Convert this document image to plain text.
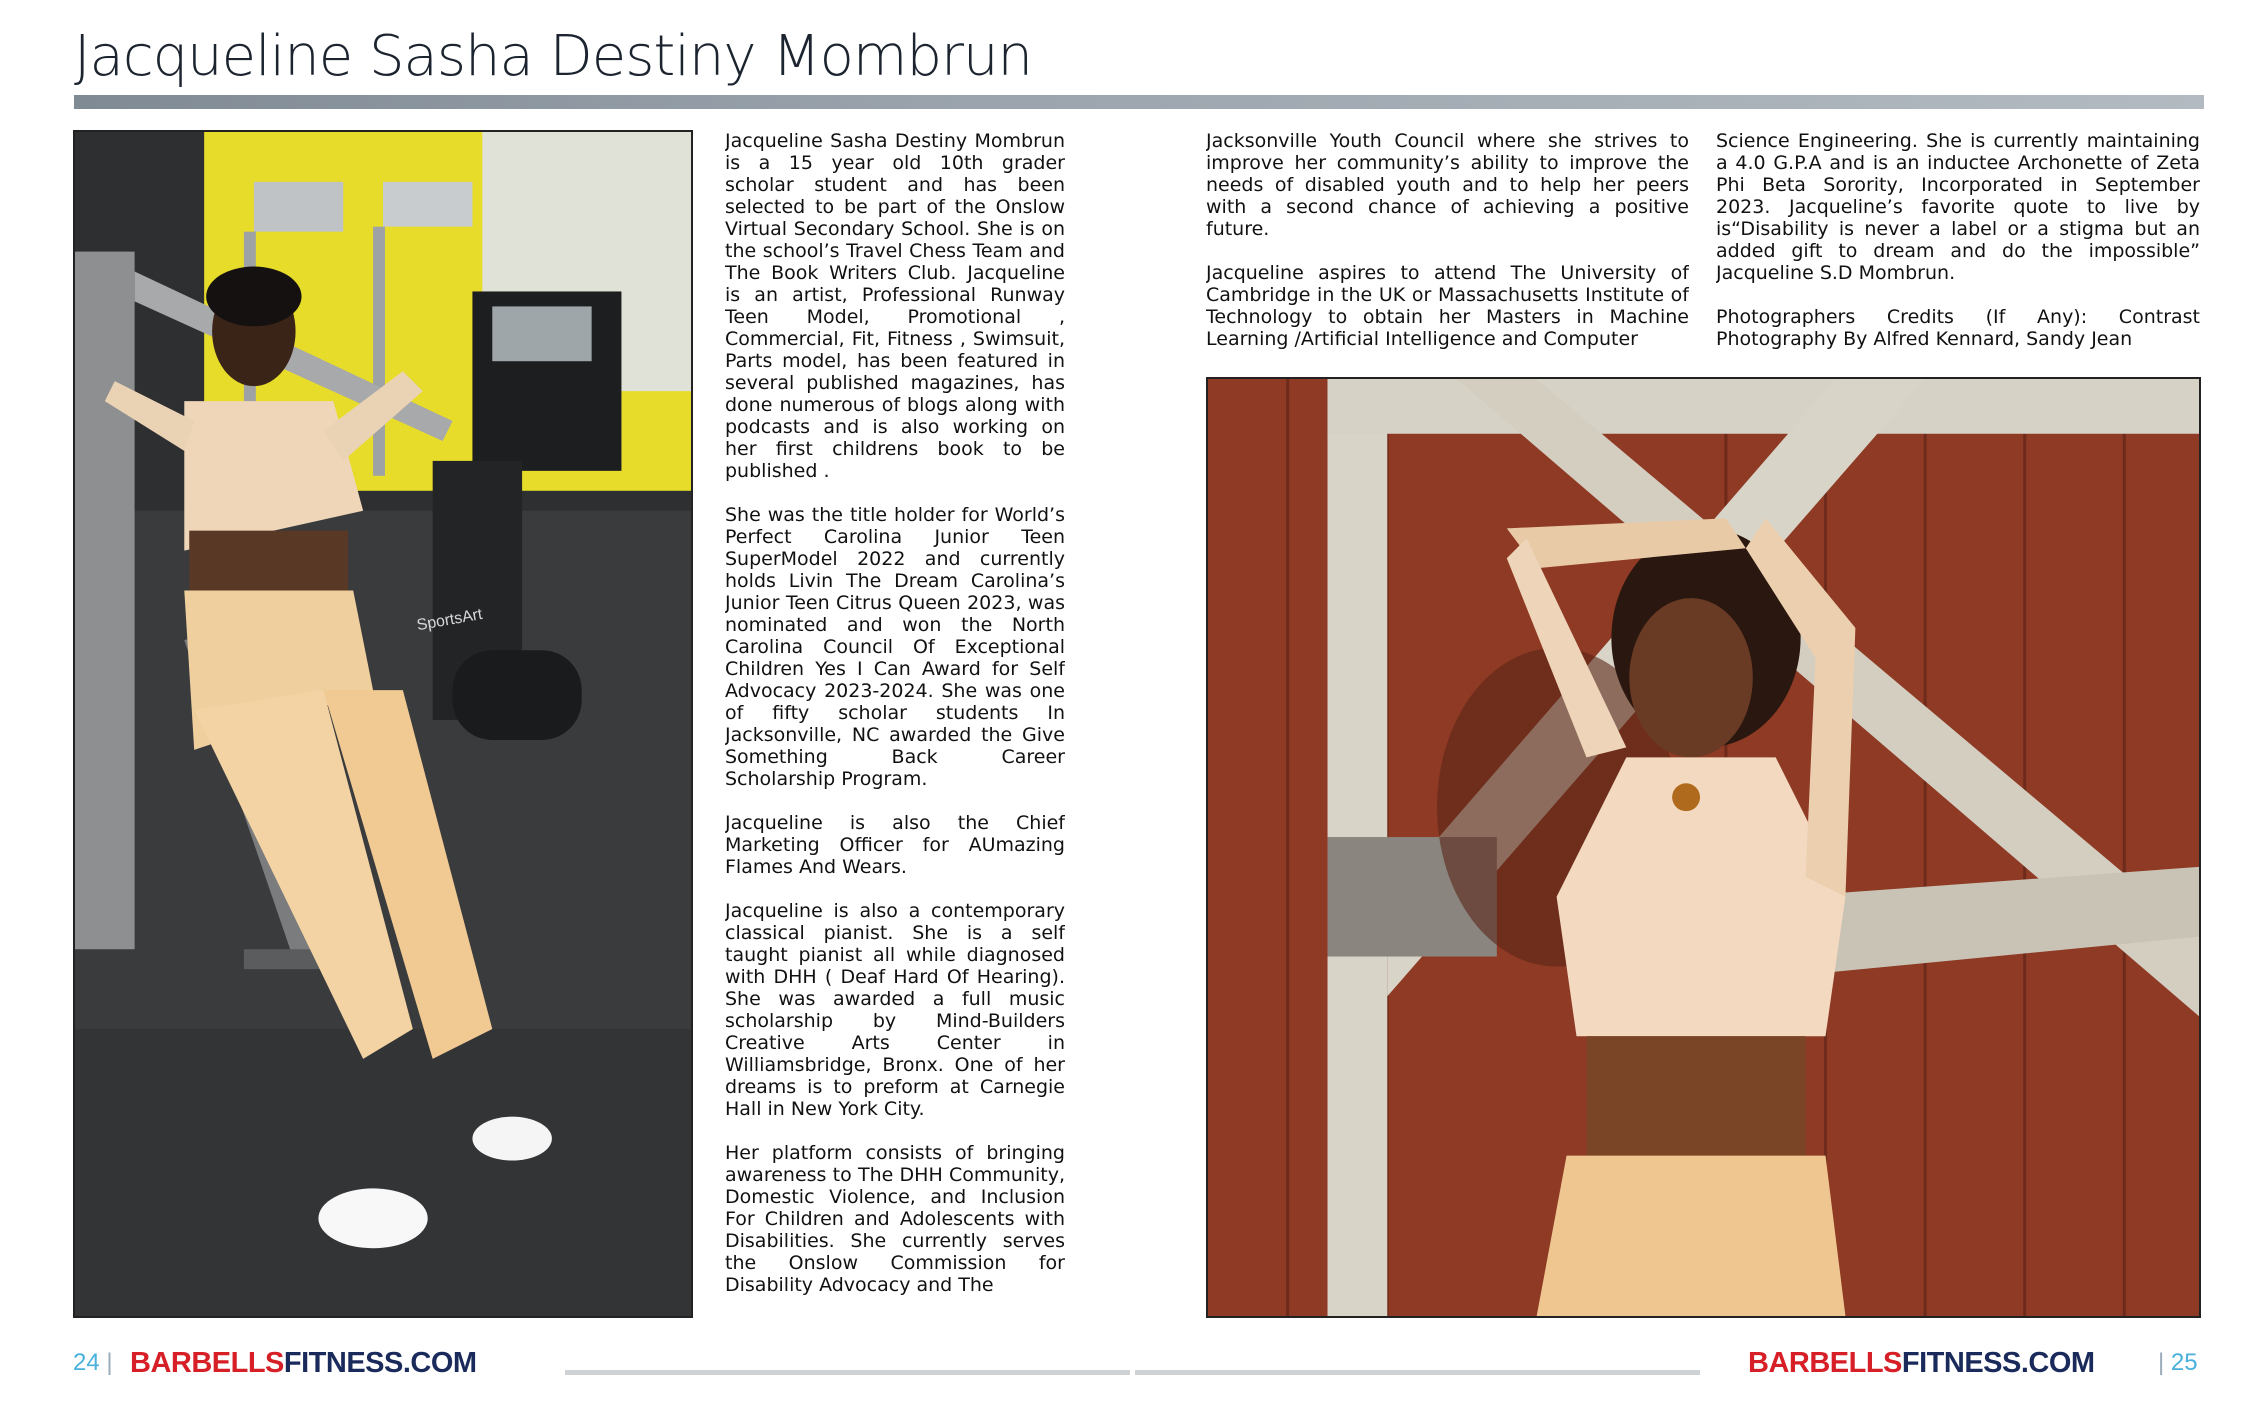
Jacqueline Sasha Destiny Mombrun
SportsArt

Jacqueline Sasha Destiny Mombrun is a 15 year old 10th grader scholar student and has been selected to be part of the Onslow Virtual Secondary School. She is on the school’s Travel Chess Team and The Book Writers Club. Jacqueline is an artist, Professional Runway Teen Model, Promotional , Commercial, Fit, Fitness , Swimsuit, Parts model, has been featured in several published magazines, has done numerous of blogs along with podcasts and is also working on her first childrens book to be published .

She was the title holder for World’s Perfect Carolina Junior Teen SuperModel 2022 and currently holds Livin The Dream Carolina’s Junior Teen Citrus Queen 2023, was nominated and won the North Carolina Council Of Exceptional Children Yes I Can Award for Self Advocacy 2023-2024. She was one of fifty scholar students In Jacksonville, NC awarded the Give Something Back Career Scholarship Program.

Jacqueline is also the Chief Marketing Officer for AUmazing Flames And Wears.

Jacqueline is also a contemporary classical pianist. She is a self taught pianist all while diagnosed with DHH ( Deaf Hard Of Hearing). She was awarded a full music scholarship by Mind-Builders Creative Arts Center in Williamsbridge, Bronx. One of her dreams is to preform at Carnegie Hall in New York City.

Her platform consists of bringing awareness to The DHH Community, Domestic Violence, and Inclusion For Children and Adolescents with Disabilities. She currently serves the Onslow Commission for Disability Advocacy and The

Jacksonville Youth Council where she strives to improve her community’s ability to improve the needs of disabled youth and to help her peers with a second chance of achieving a positive future.

Jacqueline aspires to attend The University of Cambridge in the UK or Massachusetts Institute of Technology to obtain her Masters in Machine Learning /Artificial Intelligence and Computer

Science Engineering. She is currently maintaining a 4.0 G.P.A and is an inductee Archonette of Zeta Phi Beta Sorority, Incorporated in September 2023. Jacqueline’s favorite quote to live by is“Disability is never a label or a stigma but an added gift to dream and do the impossible” Jacqueline S.D Mombrun.

Photographers Credits (If Any): Contrast Photography By Alfred Kennard, Sandy Jean

24 | BARBELLSFITNESS.COM	BARBELLSFITNESS.COM	| 25
